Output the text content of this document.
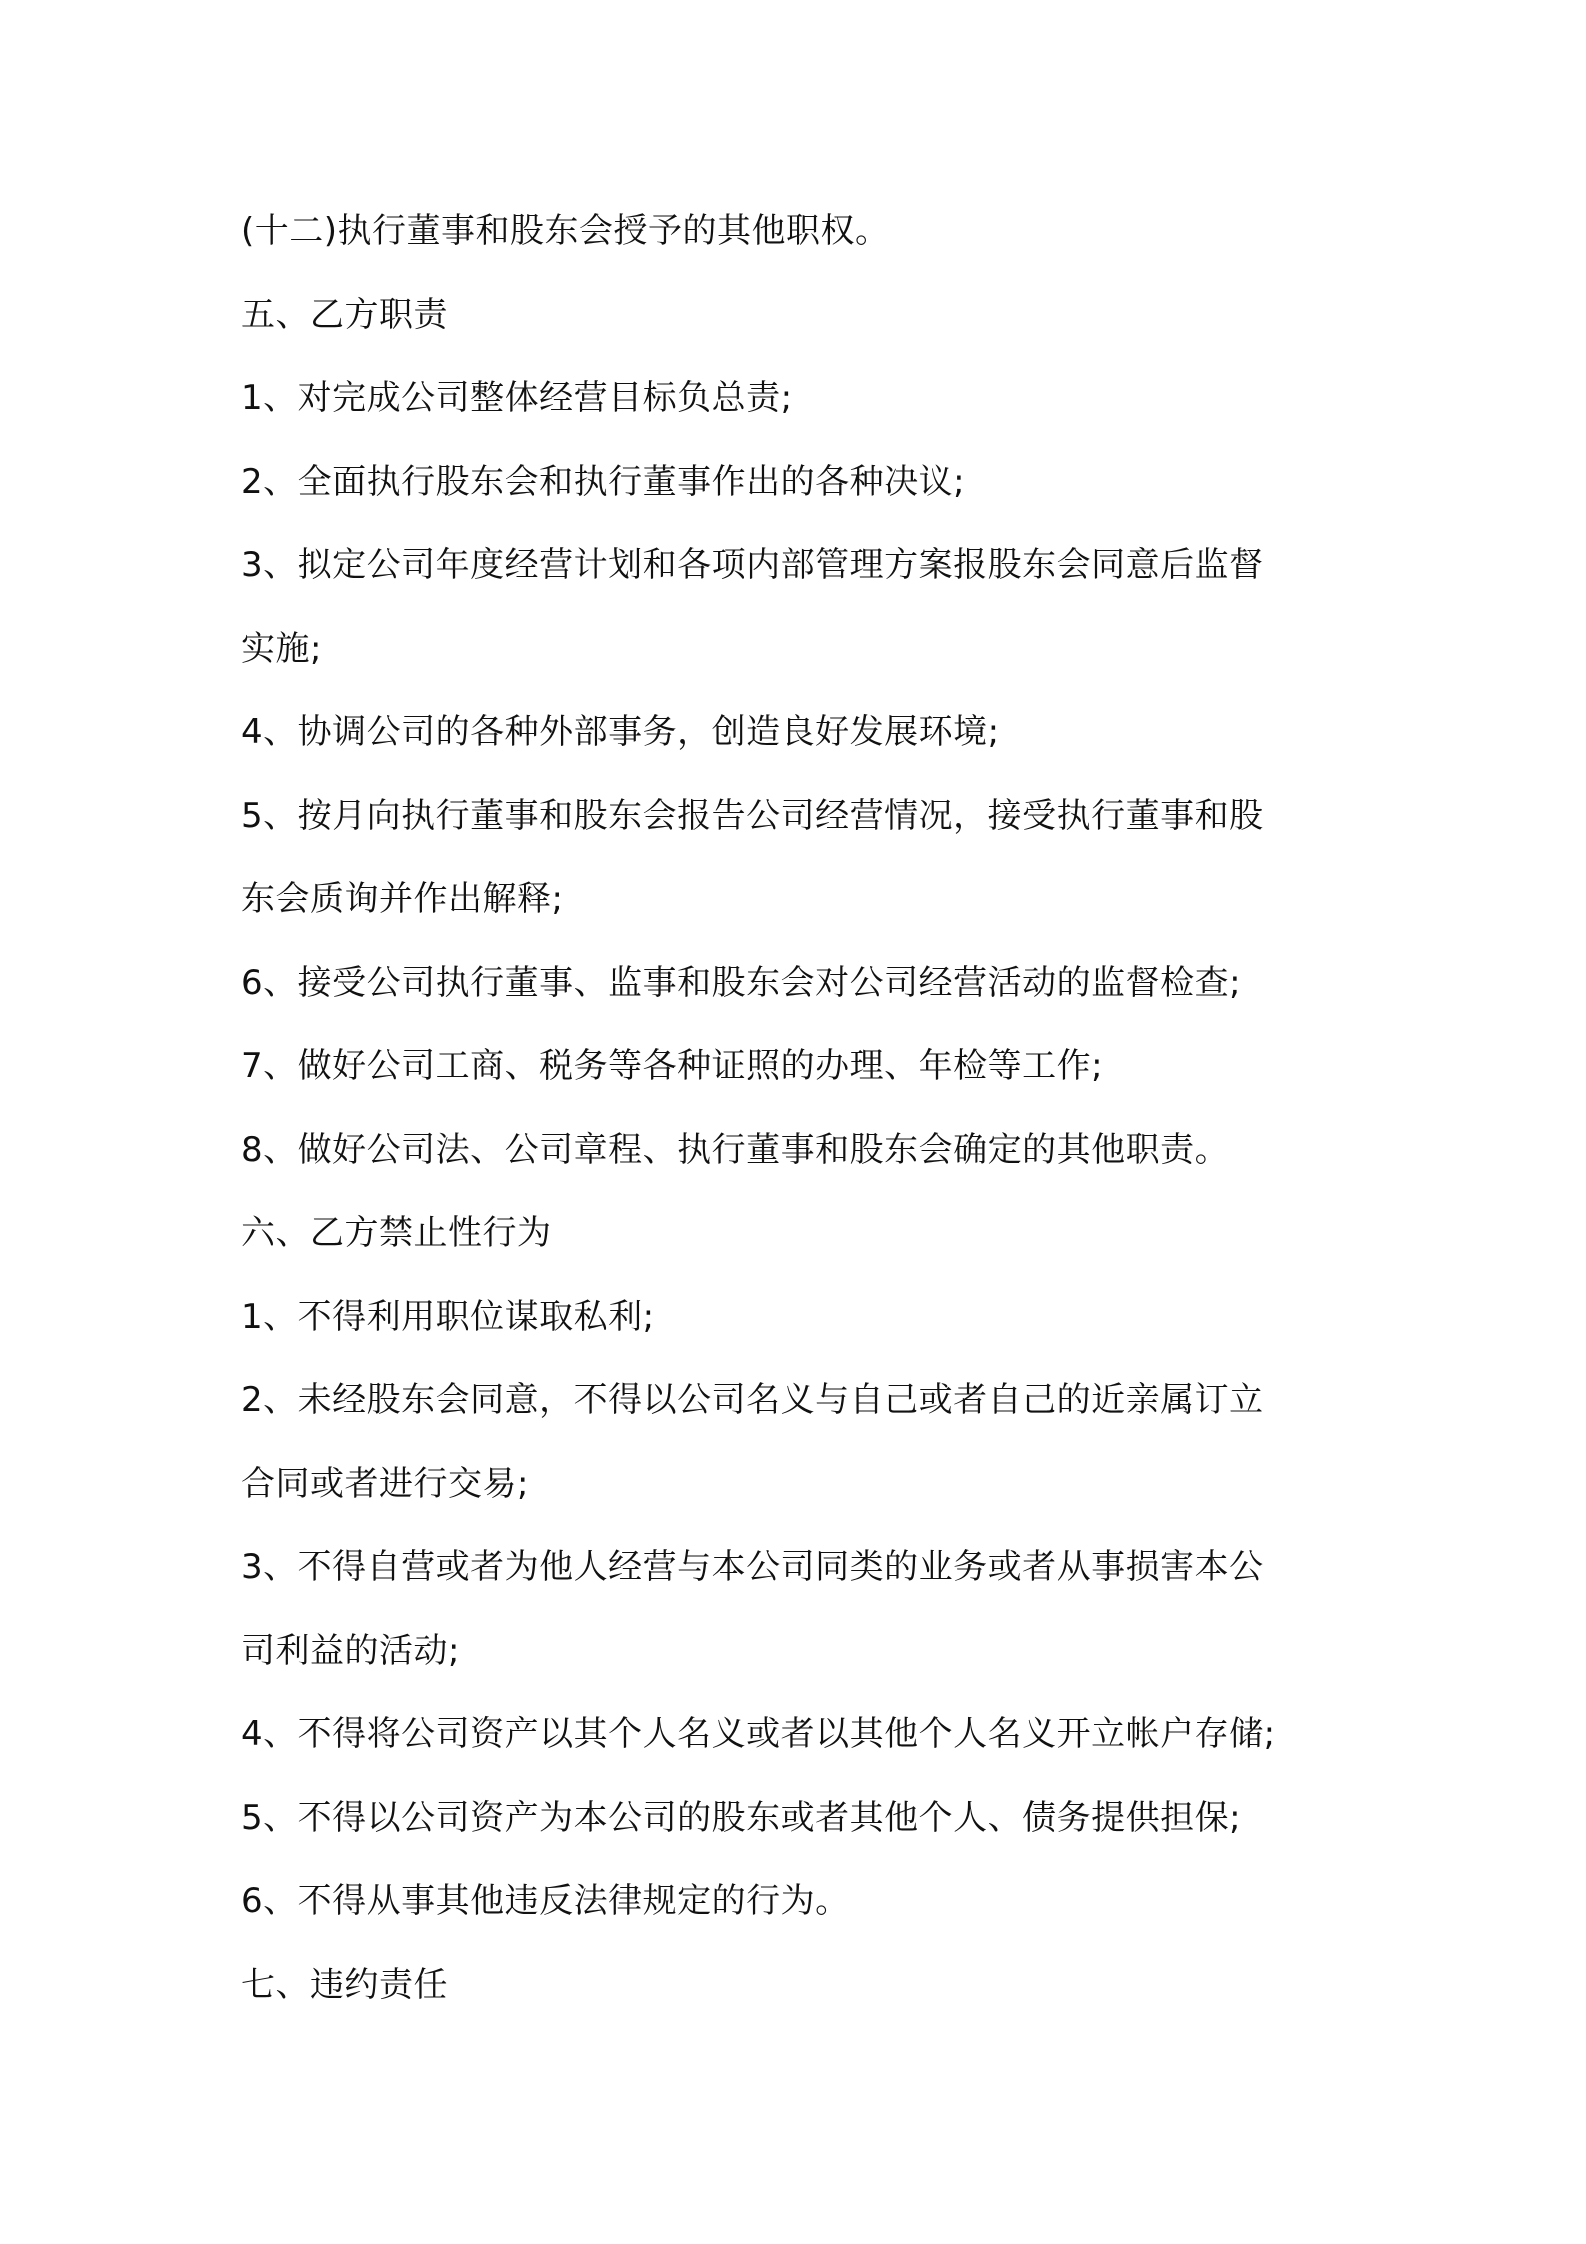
(十二)执行董事和股东会授予的其他职权。

五、乙方职责

1、对完成公司整体经营目标负总责;

2、全面执行股东会和执行董事作出的各种决议;

3、拟定公司年度经营计划和各项内部管理方案报股东会同意后监督

实施;

4、协调公司的各种外部事务，创造良好发展环境;

5、按月向执行董事和股东会报告公司经营情况，接受执行董事和股

东会质询并作出解释;

6、接受公司执行董事、监事和股东会对公司经营活动的监督检查;

7、做好公司工商、税务等各种证照的办理、年检等工作;

8、做好公司法、公司章程、执行董事和股东会确定的其他职责。

六、乙方禁止性行为

1、不得利用职位谋取私利;

2、未经股东会同意，不得以公司名义与自己或者自己的近亲属订立

合同或者进行交易;

3、不得自营或者为他人经营与本公司同类的业务或者从事损害本公

司利益的活动;

4、不得将公司资产以其个人名义或者以其他个人名义开立帐户存储;

5、不得以公司资产为本公司的股东或者其他个人、债务提供担保;

6、不得从事其他违反法律规定的行为。

七、违约责任
